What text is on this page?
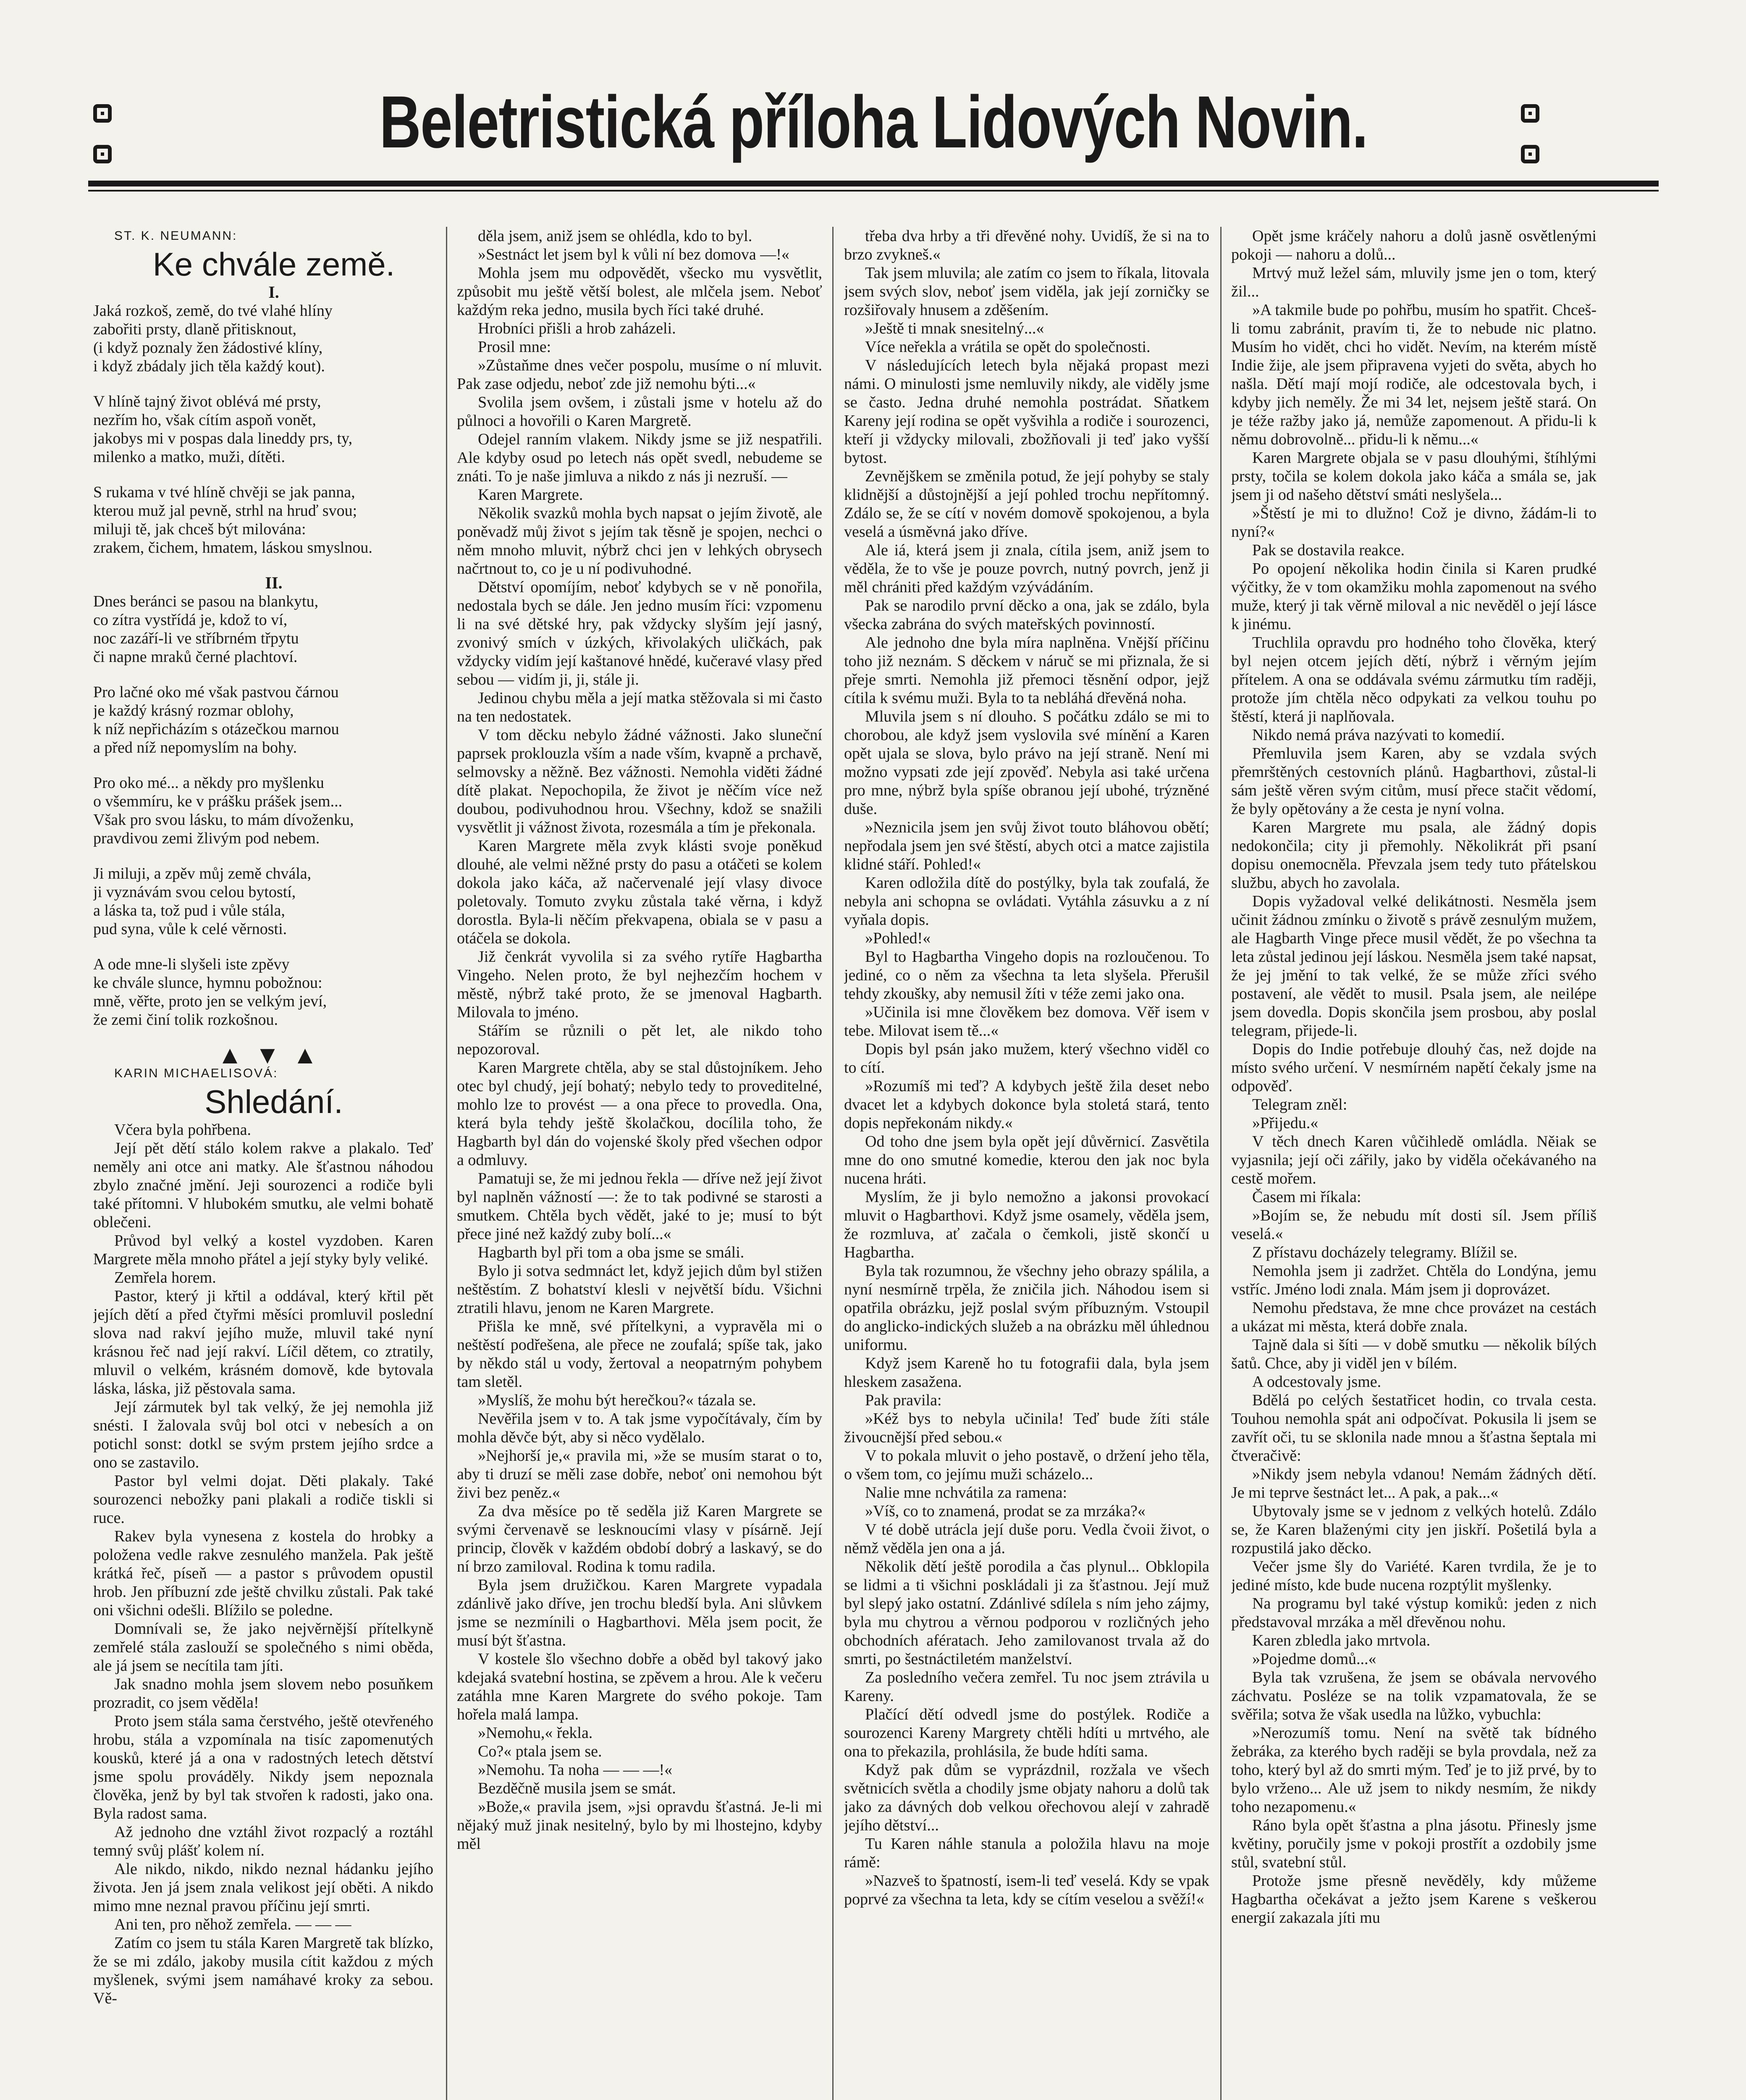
Beletristická příloha Lidových Novin.

ST. K. NEUMANN:

Ke chvále země.

I.

Jaká rozkoš, země, do tvé vlahé hlíny

zabořiti prsty, dlaně přitisknout,

(i když poznaly žen žádostivé klíny,

i když zbádaly jich těla každý kout).

V hlíně tajný život oblévá mé prsty,

nezřím ho, však cítím aspoň vonět,

jakobys mi v pospas dala lineddy prs, ty,

milenko a matko, muži, dítěti.

S rukama v tvé hlíně chvěji se jak panna,

kterou muž jal pevně, strhl na hruď svou;

miluji tě, jak chceš být milována:

zrakem, čichem, hmatem, láskou smyslnou.

II.

Dnes beránci se pasou na blankytu,

co zítra vystřídá je, kdož to ví,

noc zazáří-li ve stříbrném třpytu

či napne mraků černé plachtoví.

Pro lačné oko mé však pastvou čárnou

je každý krásný rozmar oblohy,

k níž nepřicházím s otázečkou marnou

a před níž nepomyslím na bohy.

Pro oko mé... a někdy pro myšlenku

o všemmíru, ke v prášku prášek jsem...

Však pro svou lásku, to mám dívoženku,

pravdivou zemi žlivým pod nebem.

Ji miluji, a zpěv můj země chvála,

ji vyznávám svou celou bytostí,

a láska ta, tož pud i vůle stála,

pud syna, vůle k celé věrnosti.

A ode mne-li slyšeli iste zpěvy

ke chvále slunce, hymnu pobožnou:

mně, věřte, proto jen se velkým jeví,

že zemi činí tolik rozkošnou.

▲▼▲

KARIN MICHAELISOVÁ:

Shledání.

Včera byla pohřbena.

Její pět dětí stálo kolem rakve a plakalo. Teď neměly ani otce ani matky. Ale šťastnou náhodou zbylo značné jmění. Jeji sourozenci a rodiče byli také přítomni. V hlubokém smutku, ale velmi bohatě oblečeni.

Průvod byl velký a kostel vyzdoben. Karen Margrete měla mnoho přátel a její styky byly veliké.

Zemřela horem.

Pastor, který ji křtil a oddával, který křtil pět jejích dětí a před čtyřmi měsíci promluvil poslední slova nad rakví jejího muže, mluvil také nyní krásnou řeč nad její rakví. Líčil dětem, co ztratily, mluvil o velkém, krásném domově, kde bytovala láska, láska, již pěstovala sama.

Její zármutek byl tak velký, že jej nemohla již snésti. I žalovala svůj bol otci v nebesích a on potichl sonst: dotkl se svým prstem jejího srdce a ono se zastavilo.

Pastor byl velmi dojat. Děti plakaly. Také sourozenci nebožky pani plakali a rodiče tiskli si ruce.

Rakev byla vynesena z kostela do hrobky a položena vedle rakve zesnulého manžela. Pak ještě krátká řeč, píseň — a pastor s průvodem opustil hrob. Jen příbuzní zde ještě chvilku zůstali. Pak také oni všichni odešli. Blížilo se poledne.

Domnívali se, že jako nejvěrnější přítelkyně zemřelé stála zaslouží se společného s nimi oběda, ale já jsem se necítila tam jíti.

Jak snadno mohla jsem slovem nebo posuňkem prozradit, co jsem věděla!

Proto jsem stála sama čerstvého, ještě otevřeného hrobu, stála a vzpomínala na tisíc zapomenutých kousků, které já a ona v radostných letech dětství jsme spolu prováděly. Nikdy jsem nepoznala člověka, jenž by byl tak stvořen k radosti, jako ona. Byla radost sama.

Až jednoho dne vztáhl život rozpaclý a roztáhl temný svůj plášť kolem ní.

Ale nikdo, nikdo, nikdo neznal hádanku jejího života. Jen já jsem znala velikost její oběti. A nikdo mimo mne neznal pravou příčinu její smrti.

Ani ten, pro něhož zemřela. — — —

Zatím co jsem tu stála Karen Margretě tak blízko, že se mi zdálo, jakoby musila cítit každou z mých myšlenek, svými jsem namáhavé kroky za sebou. Vě-

děla jsem, aniž jsem se ohlédla, kdo to byl.

»Sestnáct let jsem byl k vůli ní bez domova —!«

Mohla jsem mu odpovědět, všecko mu vysvětlit, způsobit mu ještě větší bolest, ale mlčela jsem. Neboť každým reka jedno, musila bych říci také druhé.

Hrobníci přišli a hrob zaházeli.

Prosil mne:

»Zůstaňme dnes večer pospolu, musíme o ní mluvit. Pak zase odjedu, neboť zde již nemohu býti...«

Svolila jsem ovšem, i zůstali jsme v hotelu až do půlnoci a hovořili o Karen Margretě.

Odejel ranním vlakem. Nikdy jsme se již nespatřili. Ale kdyby osud po letech nás opět svedl, nebudeme se znáti. To je naše jimluva a nikdo z nás ji nezruší. —

Karen Margrete.

Několik svazků mohla bych napsat o jejím životě, ale poněvadž můj život s jejím tak těsně je spojen, nechci o něm mnoho mluvit, nýbrž chci jen v lehkých obrysech načrtnout to, co je u ní podivuhodné.

Dětství opomíjím, neboť kdybych se v ně ponořila, nedostala bych se dále. Jen jedno musím říci: vzpomenu li na své dětské hry, pak vždycky slyším její jasný, zvonivý smích v úzkých, křivolakých uličkách, pak vždycky vidím její kaštanové hnědé, kučeravé vlasy před sebou — vidím ji, ji, stále ji.

Jedinou chybu měla a její matka stěžovala si mi často na ten nedostatek.

V tom děcku nebylo žádné vážnosti. Jako sluneční paprsek proklouzla vším a nade vším, kvapně a prchavě, selmovsky a něžně. Bez vážnosti. Nemohla viděti žádné dítě plakat. Nepochopila, že život je něčím více než doubou, podivuhodnou hrou. Všechny, kdož se snažili vysvětlit ji vážnost života, rozesmála a tím je překonala.

Karen Margrete měla zvyk klásti svoje poněkud dlouhé, ale velmi něžné prsty do pasu a otáčeti se kolem dokola jako káča, až načervenalé její vlasy divoce poletovaly. Tomuto zvyku zůstala také věrna, i když dorostla. Byla-li něčím překvapena, obiala se v pasu a otáčela se dokola.

Již čenkrát vyvolila si za svého rytíře Hagbartha Vingeho. Nelen proto, že byl nejhezčím hochem v městě, nýbrž také proto, že se jmenoval Hagbarth. Milovala to jméno.

Stářím se různili o pět let, ale nikdo toho nepozoroval.

Karen Margrete chtěla, aby se stal důstojníkem. Jeho otec byl chudý, její bohatý; nebylo tedy to proveditelné, mohlo lze to provést — a ona přece to provedla. Ona, která byla tehdy ještě školačkou, docílila toho, že Hagbarth byl dán do vojenské školy před všechen odpor a odmluvy.

Pamatuji se, že mi jednou řekla — dříve než její život byl naplněn vážností —: že to tak podivné se starosti a smutkem. Chtěla bych vědět, jaké to je; musí to být přece jiné než každý zuby bolí...«

Hagbarth byl při tom a oba jsme se smáli.

Bylo ji sotva sedmnáct let, když jejich dům byl stižen neštěstím. Z bohatství klesli v největší bídu. Všichni ztratili hlavu, jenom ne Karen Margrete.

Přišla ke mně, své přítelkyni, a vypravěla mi o neštěstí podřešena, ale přece ne zoufalá; spíše tak, jako by někdo stál u vody, žertoval a neopatrným pohybem tam sletěl.

»Myslíš, že mohu být herečkou?« tázala se.

Nevěřila jsem v to. A tak jsme vypočítávaly, čím by mohla děvče být, aby si něco vydělalo.

»Nejhorší je,« pravila mi, »že se musím starat o to, aby ti druzí se měli zase dobře, neboť oni nemohou být živi bez peněz.«

Za dva měsíce po tě seděla již Karen Margrete se svými červenavě se lesknoucími vlasy v písárně. Její princip, člověk v každém období dobrý a laskavý, se do ní brzo zamiloval. Rodina k tomu radila.

Byla jsem družičkou. Karen Margrete vypadala zdánlivě jako dříve, jen trochu bledší byla. Ani slůvkem jsme se nezmínili o Hagbarthovi. Měla jsem pocit, že musí být šťastna.

V kostele šlo všechno dobře a oběd byl takový jako kdejaká svatební hostina, se zpěvem a hrou. Ale k večeru zatáhla mne Karen Margrete do svého pokoje. Tam hořela malá lampa.

»Nemohu,« řekla.

Co?« ptala jsem se.

»Nemohu. Ta noha — — —!«

Bezděčně musila jsem se smát.

»Bože,« pravila jsem, »jsi opravdu šťastná. Je-li mi nějaký muž jinak nesitelný, bylo by mi lhostejno, kdyby měl

třeba dva hrby a tři dřevěné nohy. Uvidíš, že si na to brzo zvykneš.«

Tak jsem mluvila; ale zatím co jsem to říkala, litovala jsem svých slov, neboť jsem viděla, jak její zorničky se rozšiřovaly hnusem a zděšením.

»Ještě ti mnak snesitelný...«

Více neřekla a vrátila se opět do společnosti.

V následujících letech byla nějaká propast mezi námi. O minulosti jsme nemluvily nikdy, ale viděly jsme se často. Jedna druhé nemohla postrádat. Sňatkem Kareny její rodina se opět vyšvihla a rodiče i sourozenci, kteří ji vždycky milovali, zbožňovali ji teď jako vyšší bytost.

Zevnějškem se změnila potud, že její pohyby se staly klidnější a důstojnější a její pohled trochu nepřítomný. Zdálo se, že se cítí v novém domově spokojenou, a byla veselá a úsměvná jako dříve.

Ale iá, která jsem ji znala, cítila jsem, aniž jsem to věděla, že to vše je pouze povrch, nutný povrch, jenž ji měl chrániti před každým vzývádáním.

Pak se narodilo první děcko a ona, jak se zdálo, byla všecka zabrána do svých mateřských povinností.

Ale jednoho dne byla míra naplněna. Vnější příčinu toho již neznám. S děckem v náruč se mi přiznala, že si přeje smrti. Nemohla již přemoci těsnění odpor, jejž cítila k svému muži. Byla to ta nebláhá dřevěná noha.

Mluvila jsem s ní dlouho. S počátku zdálo se mi to chorobou, ale když jsem vyslovila své mínění a Karen opět ujala se slova, bylo právo na její straně. Není mi možno vypsati zde její zpověď. Nebyla asi také určena pro mne, nýbrž byla spíše obranou její ubohé, trýzněné duše.

»Neznicila jsem jen svůj život touto bláhovou obětí; nepřodala jsem jen své štěstí, abych otci a matce zajistila klidné stáří. Pohled!«

Karen odložila dítě do postýlky, byla tak zoufalá, že nebyla ani schopna se ovládati. Vytáhla zásuvku a z ní vyňala dopis.

»Pohled!«

Byl to Hagbartha Vingeho dopis na rozloučenou. To jediné, co o něm za všechna ta leta slyšela. Přerušil tehdy zkoušky, aby nemusil žíti v téže zemi jako ona.

»Učinila isi mne člověkem bez domova. Věř isem v tebe. Milovat isem tě...«

Dopis byl psán jako mužem, který všechno viděl co to cítí.

»Rozumíš mi teď? A kdybych ještě žila deset nebo dvacet let a kdybych dokonce byla stoletá stará, tento dopis nepřekonám nikdy.«

Od toho dne jsem byla opět její důvěrnicí. Zasvětila mne do ono smutné komedie, kterou den jak noc byla nucena hráti.

Myslím, že ji bylo nemožno a jakonsi provokací mluvit o Hagbarthovi. Když jsme osamely, věděla jsem, že rozmluva, ať začala o čemkoli, jistě skončí u Hagbartha.

Byla tak rozumnou, že všechny jeho obrazy spálila, a nyní nesmírně trpěla, že zničila jich. Náhodou isem si opatřila obrázku, jejž poslal svým příbuzným. Vstoupil do anglicko-indických služeb a na obrázku měl úhlednou uniformu.

Když jsem Kareně ho tu fotografii dala, byla jsem hleskem zasažena.

Pak pravila:

»Kéž bys to nebyla učinila! Teď bude žíti stále živoucnější před sebou.«

V to pokala mluvit o jeho postavě, o držení jeho těla, o všem tom, co jejímu muži scházelo...

Nalie mne nchvátila za ramena:

»Víš, co to znamená, prodat se za mrzáka?«

V té době utrácla její duše poru. Vedla čvoii život, o němž věděla jen ona a já.

Několik dětí ještě porodila a čas plynul... Obklopila se lidmi a ti všichni poskládali ji za šťastnou. Její muž byl slepý jako ostatní. Zdánlivé sdílela s ním jeho zájmy, byla mu chytrou a věrnou podporou v rozličných jeho obchodních afératach. Jeho zamilovanost trvala až do smrti, po šestnáctiletém manželství.

Za posledního večera zemřel. Tu noc jsem ztrávila u Kareny.

Plačící dětí odvedl jsme do postýlek. Rodiče a sourozenci Kareny Margrety chtěli hdíti u mrtvého, ale ona to překazila, prohlásila, že bude hdíti sama.

Když pak dům se vyprázdnil, rozžala ve všech světnicích světla a chodily jsme objaty nahoru a dolů tak jako za dávných dob velkou ořechovou alejí v zahradě jejího dětství...

Tu Karen náhle stanula a položila hlavu na moje rámě:

»Nazveš to špatností, isem-li teď veselá. Kdy se vpak poprvé za všechna ta leta, kdy se cítím veselou a svěží!«

Opět jsme kráčely nahoru a dolů jasně osvětlenými pokoji — nahoru a dolů...

Mrtvý muž ležel sám, mluvily jsme jen o tom, který žil...

»A takmile bude po pohřbu, musím ho spatřit. Chceš-li tomu zabránit, pravím ti, že to nebude nic platno. Musím ho vidět, chci ho vidět. Nevím, na kterém místě Indie žije, ale jsem připravena vyjeti do světa, abych ho našla. Dětí mají mojí rodiče, ale odcestovala bych, i kdyby jich neměly. Že mi 34 let, nejsem ještě stará. On je téže ražby jako já, nemůže zapomenout. A přidu-li k němu dobrovolně... přidu-li k němu...«

Karen Margrete objala se v pasu dlouhými, štíhlými prsty, točila se kolem dokola jako káča a smála se, jak jsem ji od našeho dětství smáti neslyšela...

»Štěstí je mi to dlužno! Což je divno, žádám-li to nyní?«

Pak se dostavila reakce.

Po opojení několika hodin činila si Karen prudké výčitky, že v tom okamžiku mohla zapomenout na svého muže, který ji tak věrně miloval a nic nevěděl o její lásce k jinému.

Truchlila opravdu pro hodného toho člověka, který byl nejen otcem jejích dětí, nýbrž i věrným jejím přítelem. A ona se oddávala svému zármutku tím raději, protože jím chtěla něco odpykati za velkou touhu po štěstí, která ji naplňovala.

Nikdo nemá práva nazývati to komedií.

Přemluvila jsem Karen, aby se vzdala svých přemrštěných cestovních plánů. Hagbarthovi, zůstal-li sám ještě věren svým citům, musí přece stačit vědomí, že byly opětovány a že cesta je nyní volna.

Karen Margrete mu psala, ale žádný dopis nedokončila; city ji přemohly. Několikrát při psaní dopisu onemocněla. Převzala jsem tedy tuto přátelskou službu, abych ho zavolala.

Dopis vyžadoval velké delikátnosti. Nesměla jsem učinit žádnou zmínku o životě s právě zesnulým mužem, ale Hagbarth Vinge přece musil vědět, že po všechna ta leta zůstal jedinou její láskou. Nesměla jsem také napsat, že jej jmění to tak velké, že se může zříci svého postavení, ale vědět to musil. Psala jsem, ale neilépe jsem dovedla. Dopis skončila jsem prosbou, aby poslal telegram, přijede-li.

Dopis do Indie potřebuje dlouhý čas, než dojde na místo svého určení. V nesmírném napětí čekaly jsme na odpověď.

Telegram zněl:

»Přijedu.«

V těch dnech Karen vůčihledě omládla. Něiak se vyjasnila; její oči zářily, jako by viděla očekávaného na cestě mořem.

Časem mi říkala:

»Bojím se, že nebudu mít dosti síl. Jsem příliš veselá.«

Z přístavu docházely telegramy. Blížil se.

Nemohla jsem ji zadržet. Chtěla do Londýna, jemu vstříc. Jméno lodi znala. Mám jsem ji doprovázet.

Nemohu představa, že mne chce provázet na cestách a ukázat mi města, která dobře znala.

Tajně dala si šíti — v době smutku — několik bílých šatů. Chce, aby ji viděl jen v bílém.

A odcestovaly jsme.

Bdělá po celých šestatřicet hodin, co trvala cesta. Touhou nemohla spát ani odpočívat. Pokusila li jsem se zavřít oči, tu se sklonila nade mnou a šťastna šeptala mi čtveračivě:

»Nikdy jsem nebyla vdanou! Nemám žádných dětí. Je mi teprve šestnáct let... A pak, a pak...«

Ubytovaly jsme se v jednom z velkých hotelů. Zdálo se, že Karen blaženými city jen jiskří. Pošetilá byla a rozpustilá jako děcko.

Večer jsme šly do Variété. Karen tvrdila, že je to jediné místo, kde bude nucena rozptýlit myšlenky.

Na programu byl také výstup komiků: jeden z nich představoval mrzáka a měl dřevěnou nohu.

Karen zbledla jako mrtvola.

»Pojedme domů...«

Byla tak vzrušena, že jsem se obávala nervového záchvatu. Posléze se na tolik vzpamatovala, že se svěřila; sotva že však usedla na lůžko, vybuchla:

»Nerozumíš tomu. Není na světě tak bídného žebráka, za kterého bych raději se byla provdala, než za toho, který byl až do smrti mým. Teď je to již prvé, by to bylo vrženo... Ale už jsem to nikdy nesmím, že nikdy toho nezapomenu.«

Ráno byla opět šťastna a plna jásotu. Přinesly jsme květiny, poručily jsme v pokoji prostřít a ozdobily jsme stůl, svatební stůl.

Protože jsme přesně nevěděly, kdy můžeme Hagbartha očekávat a ježto jsem Karene s veškerou energií zakazala jíti mu
